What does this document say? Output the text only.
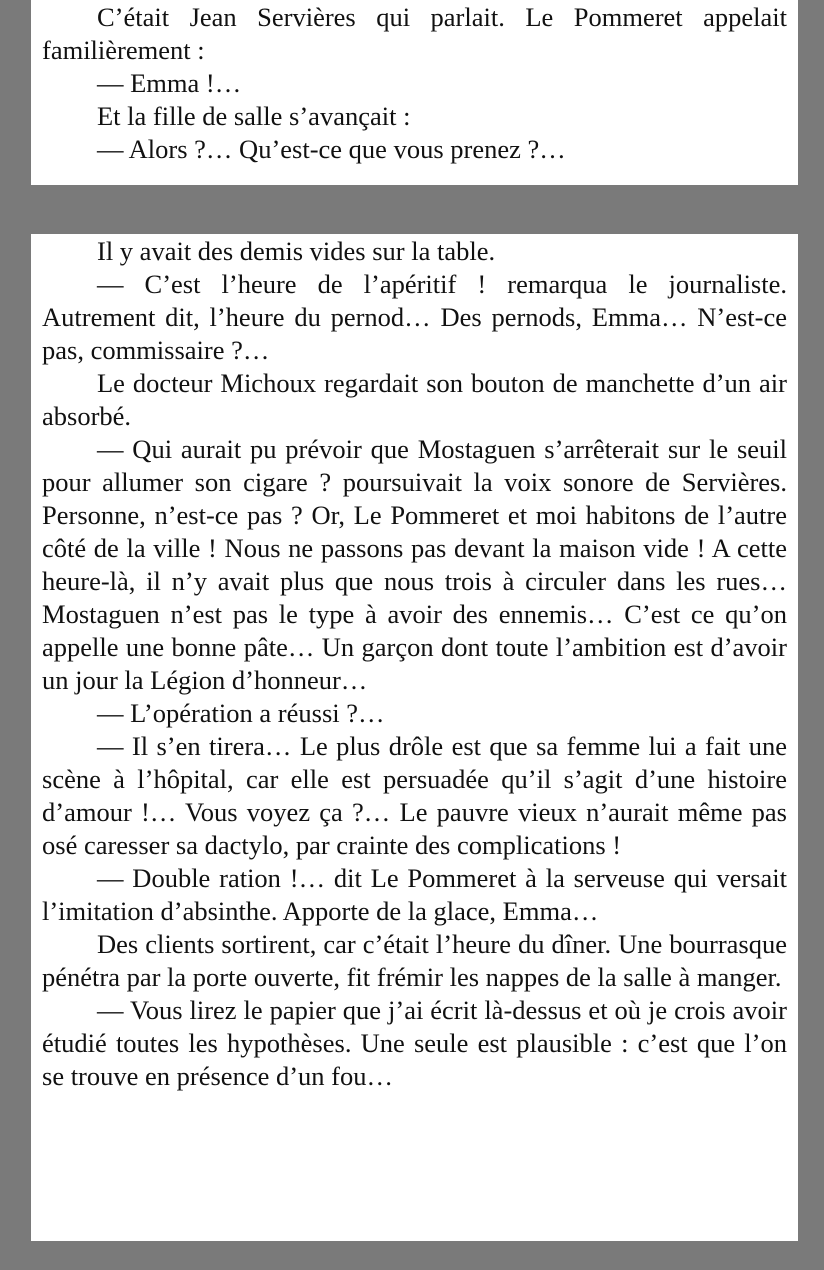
C’était Jean Servières qui parlait. Le Pommeret appelait familièrement :

— Emma !…

Et la fille de salle s’avançait :

— Alors ?… Qu’est-ce que vous prenez ?…

Il y avait des demis vides sur la table.

— C’est l’heure de l’apéritif ! remarqua le journaliste. Autrement dit, l’heure du pernod… Des pernods, Emma… N’est-ce pas, commissaire ?…

Le docteur Michoux regardait son bouton de manchette d’un air absorbé.

— Qui aurait pu prévoir que Mostaguen s’arrêterait sur le seuil pour allumer son cigare ? poursuivait la voix sonore de Servières. Personne, n’est-ce pas ? Or, Le Pommeret et moi habitons de l’autre côté de la ville ! Nous ne passons pas devant la maison vide ! A cette heure-là, il n’y avait plus que nous trois à circuler dans les rues… Mostaguen n’est pas le type à avoir des ennemis… C’est ce qu’on appelle une bonne pâte… Un garçon dont toute l’ambition est d’avoir un jour la Légion d’honneur…

— L’opération a réussi ?…

— Il s’en tirera… Le plus drôle est que sa femme lui a fait une scène à l’hôpital, car elle est persuadée qu’il s’agit d’une histoire d’amour !… Vous voyez ça ?… Le pauvre vieux n’aurait même pas osé caresser sa dactylo, par crainte des complications !

— Double ration !… dit Le Pommeret à la serveuse qui versait l’imitation d’absinthe. Apporte de la glace, Emma…

Des clients sortirent, car c’était l’heure du dîner. Une bourrasque pénétra par la porte ouverte, fit frémir les nappes de la salle à manger.

— Vous lirez le papier que j’ai écrit là-dessus et où je crois avoir étudié toutes les hypothèses. Une seule est plausible : c’est que l’on se trouve en présence d’un fou…
